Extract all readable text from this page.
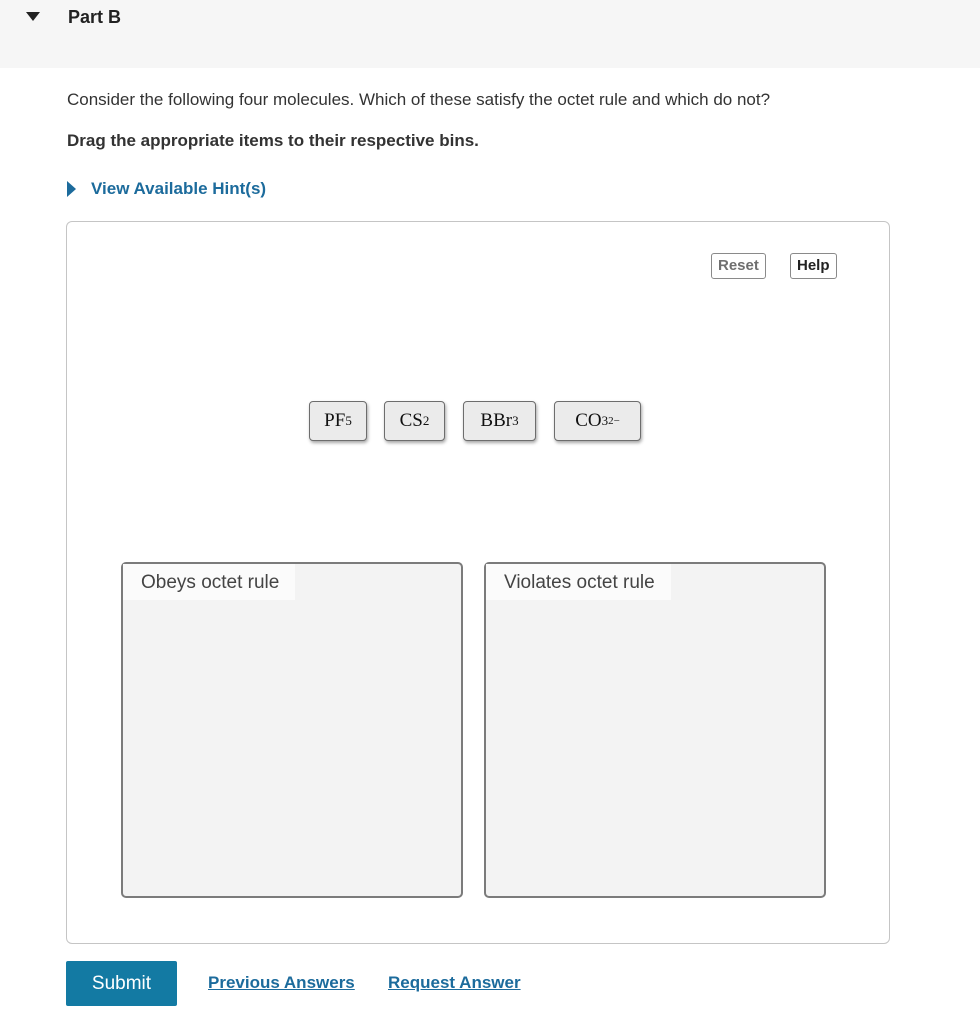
Part B
Consider the following four molecules. Which of these satisfy the octet rule and which do not?
Drag the appropriate items to their respective bins.
View Available Hint(s)
Reset	Help
PF 5	CS 2	BBr 3	CO 3 2−
Obeys octet rule	Violates octet rule
Submit	Previous Answers Request Answer
